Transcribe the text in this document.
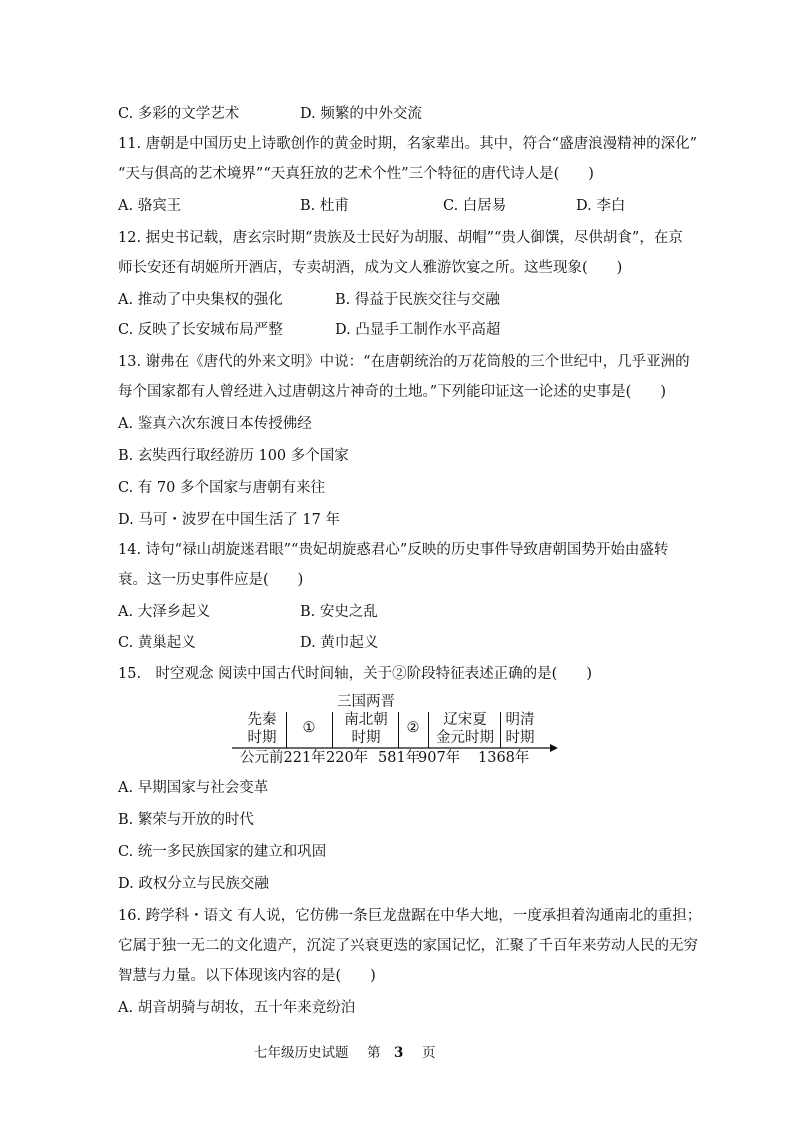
C. 多彩的文学艺术	D. 频繁的中外交流
11. 唐朝是中国历史上诗歌创作的黄金时期，名家辈出。其中，符合“盛唐浪漫精神的深化”
“天与俱高的艺术境界”“天真狂放的艺术个性”三个特征的唐代诗人是(　　)
A. 骆宾王	B. 杜甫	C. 白居易	D. 李白
12. 据史书记载，唐玄宗时期“贵族及士民好为胡服、胡帽”“贵人御馔，尽供胡食”，在京
师长安还有胡姬所开酒店，专卖胡酒，成为文人雅游饮宴之所。这些现象(　　)
A. 推动了中央集权的强化	B. 得益于民族交往与交融
C. 反映了长安城布局严整	D. 凸显手工制作水平高超
13. 谢弗在《唐代的外来文明》中说：“在唐朝统治的万花筒般的三个世纪中，几乎亚洲的
每个国家都有人曾经进入过唐朝这片神奇的土地。”下列能印证这一论述的史事是(　　)
A. 鉴真六次东渡日本传授佛经
B. 玄奘西行取经游历 100 多个国家
C. 有 70 多个国家与唐朝有来往
D. 马可・波罗在中国生活了 17 年
14. 诗句“禄山胡旋迷君眼”“贵妃胡旋惑君心”反映的历史事件导致唐朝国势开始由盛转
衰。这一历史事件应是(　　)
A. 大泽乡起义	B. 安史之乱
C. 黄巢起义	D. 黄巾起义
15.　时空观念 阅读中国古代时间轴，关于②阶段特征表述正确的是(　　)
先秦
时期
①
三国两晋
南北朝
时期
②	辽宋夏
金元时期
明清
时期
公元前221年 220年 581年
907年 1368年
A. 早期国家与社会变革
B. 繁荣与开放的时代
C. 统一多民族国家的建立和巩固
D. 政权分立与民族交融
16. 跨学科・语文 有人说，它仿佛一条巨龙盘踞在中华大地，一度承担着沟通南北的重担；
它属于独一无二的文化遗产，沉淀了兴衰更迭的家国记忆，汇聚了千百年来劳动人民的无穷
智慧与力量。以下体现该内容的是(　　)
A. 胡音胡骑与胡妆，五十年来竞纷泊
七年级历史试题 第 3 页
